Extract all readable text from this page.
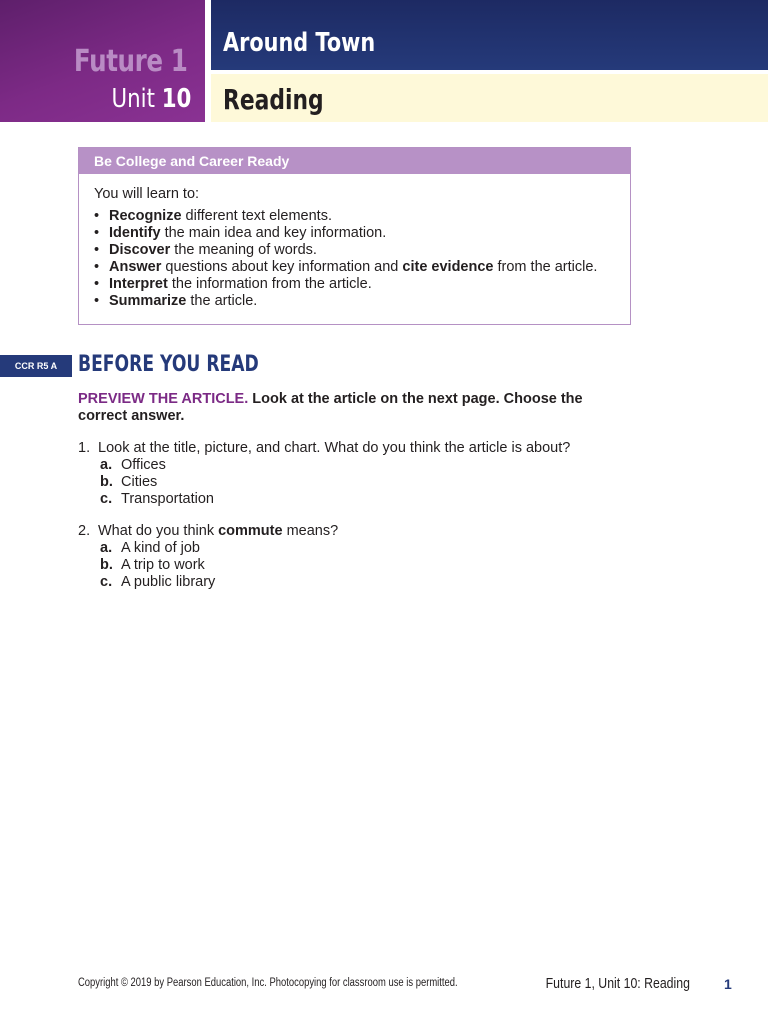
Future 1
Unit 10
Around Town
Reading
Be College and Career Ready
You will learn to:
• Recognize different text elements.
• Identify the main idea and key information.
• Discover the meaning of words.
• Answer questions about key information and cite evidence from the article.
• Interpret the information from the article.
• Summarize the article.
CCR R5 A BEFORE YOU READ
PREVIEW THE ARTICLE. Look at the article on the next page. Choose the correct answer.
1. Look at the title, picture, and chart. What do you think the article is about?
a. Offices
b. Cities
c. Transportation
2. What do you think commute means?
a. A kind of job
b. A trip to work
c. A public library
Copyright © 2019 by Pearson Education, Inc. Photocopying for classroom use is permitted.	Future 1, Unit 10: Reading 1
